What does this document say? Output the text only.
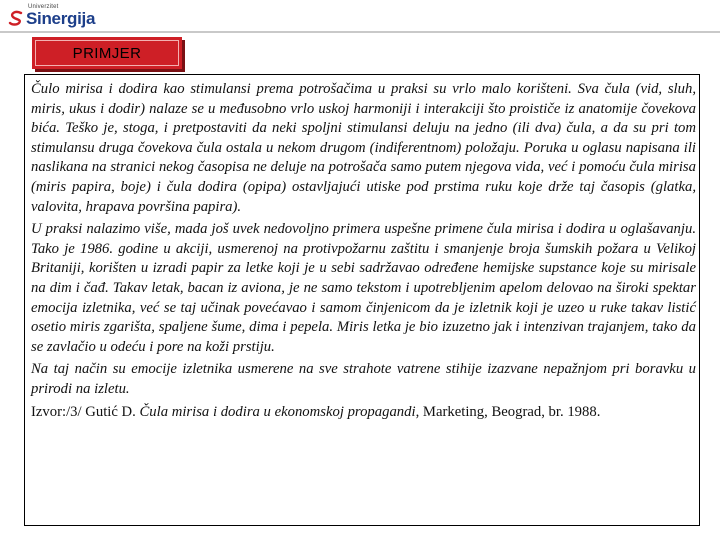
Univerzitet
Sinergija
PRIMJER

Čulo mirisa i dodira kao stimulansi prema potrošačima u praksi su vrlo malo korišteni. Sva čula (vid, sluh, miris, ukus i dodir) nalaze se u međusobno vrlo uskoj harmoniji i interakciji što proističe iz anatomije čovekova bića. Teško je, stoga, i pretpostaviti da neki spoljni stimulansi deluju na jedno (ili dva) čula, a da su pri tom stimulansu druga čovekova čula ostala u nekom drugom (indiferentnom) položaju. Poruka u oglasu napisana ili naslikana na stranici nekog časopisa ne deluje na potrošača samo putem njegova vida, već i pomoću čula mirisa (miris papira, boje) i čula dodira (opipa) ostavljajući utiske pod prstima ruku koje drže taj časopis (glatka, valovita, hrapava površina papira).

U praksi nalazimo više, mada još uvek nedovoljno primera uspešne primene čula mirisa i dodira u oglašavanju. Tako je 1986. godine u akciji, usmerenoj na protivpožarnu zaštitu i smanjenje broja šumskih požara u Velikoj Britaniji, korišten u izradi papir za letke koji je u sebi sadržavao određene hemijske supstance koje su mirisale na dim i čađ. Takav letak, bacan iz aviona, je ne samo tekstom i upotrebljenim apelom delovao na široki spektar emocija izletnika, već se taj učinak povećavao i samom činjenicom da je izletnik koji je uzeo u ruke takav listić osetio miris zgarišta, spaljene šume, dima i pepela. Miris letka je bio izuzetno jak i intenzivan trajanjem, tako da se zavlačio u odeću i pore na koži prstiju.

Na taj način su emocije izletnika usmerene na sve strahote vatrene stihije izazvane nepažnjom pri boravku u prirodi na izletu.

Izvor:/3/ Gutić D. Čula mirisa i dodira u ekonomskoj propagandi, Marketing, Beograd, br. 1988.
